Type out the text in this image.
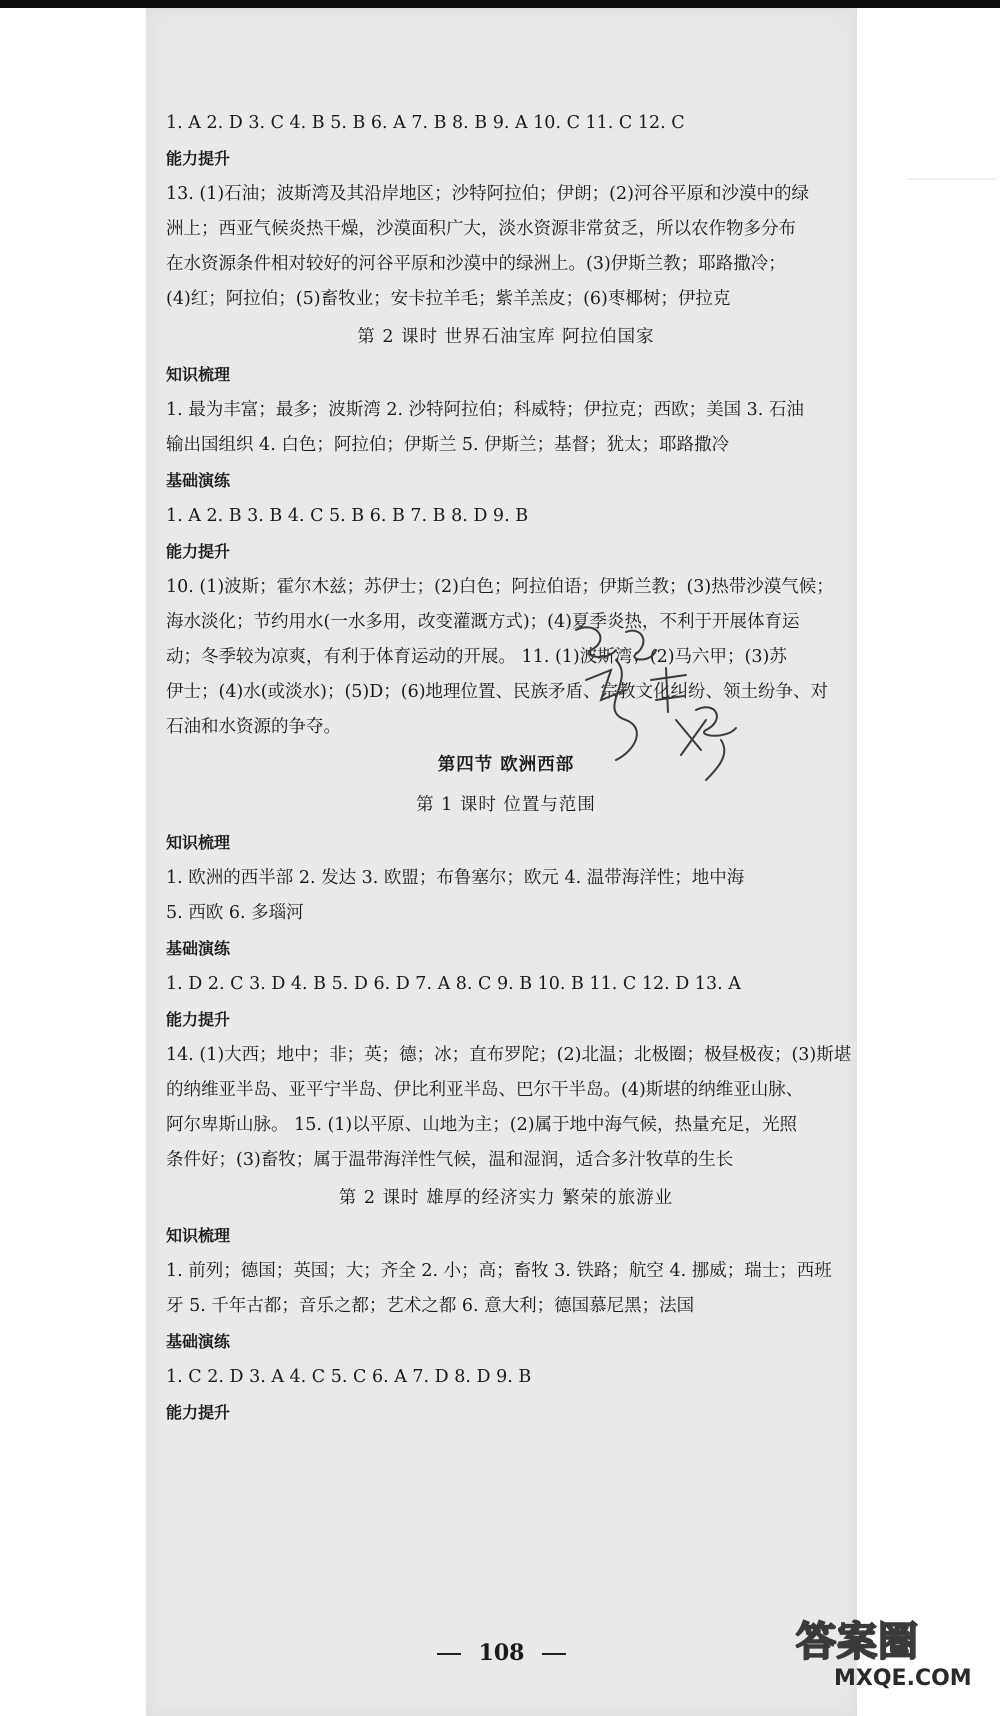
1. A 2. D 3. C 4. B 5. B 6. A 7. B 8. B 9. A 10. C 11. C 12. C
能力提升
13. (1)石油；波斯湾及其沿岸地区；沙特阿拉伯；伊朗；(2)河谷平原和沙漠中的绿
洲上；西亚气候炎热干燥，沙漠面积广大，淡水资源非常贫乏，所以农作物多分布
在水资源条件相对较好的河谷平原和沙漠中的绿洲上。(3)伊斯兰教；耶路撒冷；
(4)红；阿拉伯；(5)畜牧业；安卡拉羊毛；紫羊羔皮；(6)枣椰树；伊拉克
第 2 课时 世界石油宝库 阿拉伯国家
知识梳理
1. 最为丰富；最多；波斯湾 2. 沙特阿拉伯；科威特；伊拉克；西欧；美国 3. 石油
输出国组织 4. 白色；阿拉伯；伊斯兰 5. 伊斯兰；基督；犹太；耶路撒冷
基础演练
1. A 2. B 3. B 4. C 5. B 6. B 7. B 8. D 9. B
能力提升
10. (1)波斯；霍尔木兹；苏伊士；(2)白色；阿拉伯语；伊斯兰教；(3)热带沙漠气候；
海水淡化；节约用水(一水多用，改变灌溉方式)；(4)夏季炎热，不利于开展体育运
动；冬季较为凉爽，有利于体育运动的开展。 11. (1)波斯湾；(2)马六甲；(3)苏
伊士；(4)水(或淡水)；(5)D；(6)地理位置、民族矛盾、宗教文化纠纷、领土纷争、对
石油和水资源的争夺。
第四节 欧洲西部
第 1 课时 位置与范围
知识梳理
1. 欧洲的西半部 2. 发达 3. 欧盟；布鲁塞尔；欧元 4. 温带海洋性；地中海
5. 西欧 6. 多瑙河
基础演练
1. D 2. C 3. D 4. B 5. D 6. D 7. A 8. C 9. B 10. B 11. C 12. D 13. A
能力提升
14. (1)大西；地中；非；英；德；冰；直布罗陀；(2)北温；北极圈；极昼极夜；(3)斯堪
的纳维亚半岛、亚平宁半岛、伊比利亚半岛、巴尔干半岛。(4)斯堪的纳维亚山脉、
阿尔卑斯山脉。 15. (1)以平原、山地为主；(2)属于地中海气候，热量充足，光照
条件好；(3)畜牧；属于温带海洋性气候，温和湿润，适合多汁牧草的生长
第 2 课时 雄厚的经济实力 繁荣的旅游业
知识梳理
1. 前列；德国；英国；大；齐全 2. 小；高；畜牧 3. 铁路；航空 4. 挪威；瑞士；西班
牙 5. 千年古都；音乐之都；艺术之都 6. 意大利；德国慕尼黑；法国
基础演练
1. C 2. D 3. A 4. C 5. C 6. A 7. D 8. D 9. B
能力提升
108	答案圈
MXQE.COM
